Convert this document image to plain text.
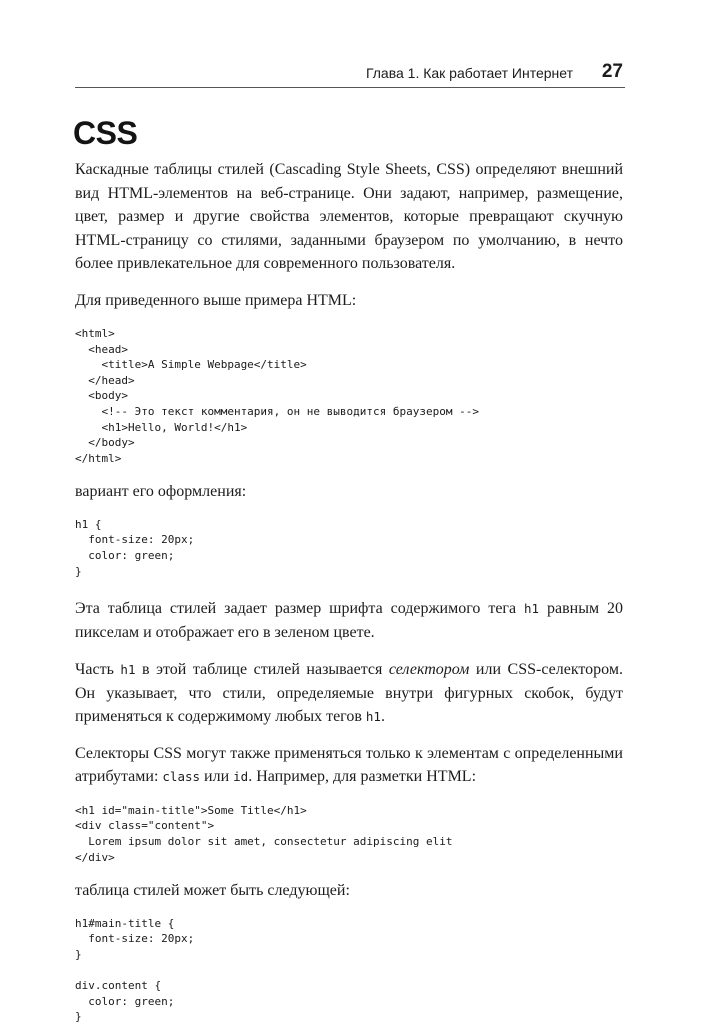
Глава 1. Как работает Интернет 27
CSS

Каскадные таблицы стилей (Cascading Style Sheets, CSS) определяют внешний вид HTML-элементов на веб-странице. Они задают, например, размещение, цвет, размер и другие свойства элементов, которые превращают скучную HTML-страницу со стилями, заданными браузером по умолчанию, в нечто более привлекательное для современного пользователя.

Для приведенного выше примера HTML:

<html>
<head>
<title>A Simple Webpage</title>
</head>
<body>
<!-- Это текст комментария, он не выводится браузером -->
<h1>Hello, World!</h1>
</body>
</html>

вариант его оформления:

h1 {
font-size: 20px;
color: green;
}

Эта таблица стилей задает размер шрифта содержимого тега h1 равным 20 пикселам и отображает его в зеленом цвете.

Часть h1 в этой таблице стилей называется селектором или CSS-селектором. Он указывает, что стили, определяемые внутри фигурных скобок, будут применяться к содержимому любых тегов h1.

Селекторы CSS могут также применяться только к элементам с определенными атрибутами: class или id. Например, для разметки HTML:

<h1 id="main-title">Some Title</h1>
<div class="content">
Lorem ipsum dolor sit amet, consectetur adipiscing elit
</div>

таблица стилей может быть следующей:

h1#main-title {
font-size: 20px;
}

div.content {
color: green;
}
